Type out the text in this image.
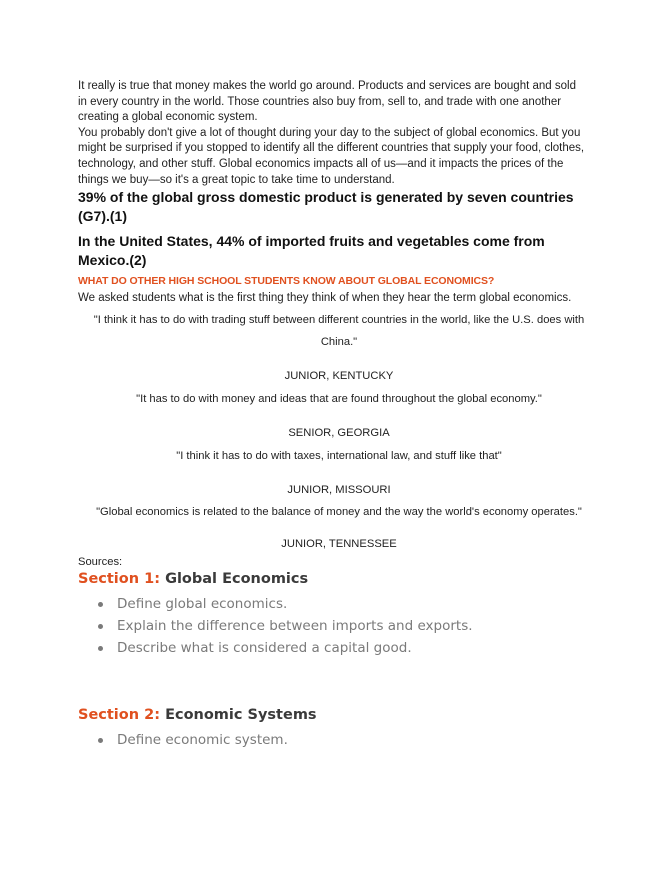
It really is true that money makes the world go around. Products and services are bought and sold in every country in the world. Those countries also buy from, sell to, and trade with one another creating a global economic system.

You probably don't give a lot of thought during your day to the subject of global economics. But you might be surprised if you stopped to identify all the different countries that supply your food, clothes, technology, and other stuff. Global economics impacts all of us—and it impacts the prices of the things we buy—so it's a great topic to take time to understand.

39% of the global gross domestic product is generated by seven countries (G7).(1)

In the United States, 44% of imported fruits and vegetables come from Mexico.(2)

WHAT DO OTHER HIGH SCHOOL STUDENTS KNOW ABOUT GLOBAL ECONOMICS?

We asked students what is the first thing they think of when they hear the term global economics.

"I think it has to do with trading stuff between different countries in the world, like the U.S. does with China."

JUNIOR, KENTUCKY

"It has to do with money and ideas that are found throughout the global economy."

SENIOR, GEORGIA

"I think it has to do with taxes, international law, and stuff like that"

JUNIOR, MISSOURI

"Global economics is related to the balance of money and the way the world's economy operates."

JUNIOR, TENNESSEE

Sources:
Section 1: Global Economics
Define global economics.
Explain the difference between imports and exports.
Describe what is considered a capital good.
Section 2: Economic Systems
Define economic system.
